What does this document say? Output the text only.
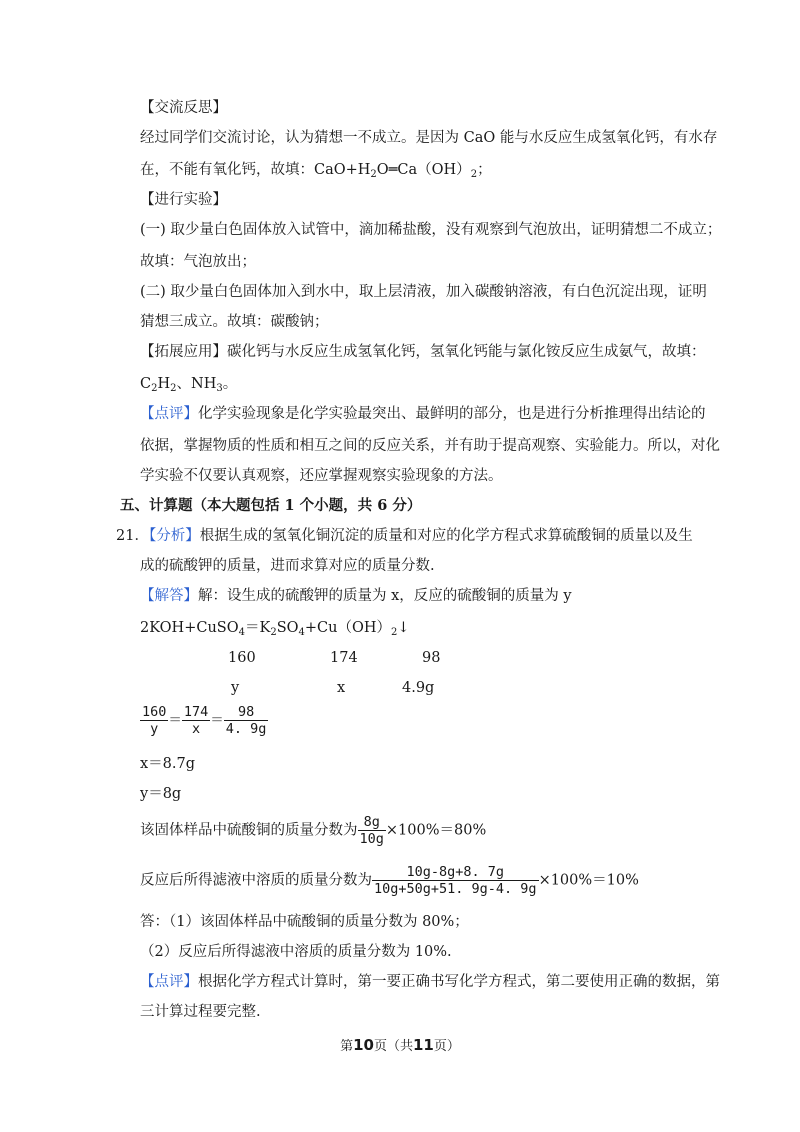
【交流反思】
经过同学们交流讨论，认为猜想一不成立。是因为 CaO 能与水反应生成氢氧化钙，有水存
在，不能有氧化钙，故填：$CaO+H_2O═Ca(OH)_2$；
【进行实验】
(一) 取少量白色固体放入试管中，滴加稀盐酸，没有观察到气泡放出，证明猜想二不成立；
故填：气泡放出；
(二) 取少量白色固体加入到水中，取上层清液，加入碳酸钠溶液，有白色沉淀出现，证明
猜想三成立。故填：碳酸钠；
【拓展应用】碳化钙与水反应生成氢氧化钙，氢氧化钙能与氯化铵反应生成氨气，故填：
$C_2H_2$、$NH_3$。
【点评】化学实验现象是化学实验最突出、最鲜明的部分，也是进行分析推理得出结论的
依据，掌握物质的性质和相互之间的反应关系，并有助于提高观察、实验能力。所以，对化
学实验不仅要认真观察，还应掌握观察实验现象的方法。
五、计算题（本大题包括 1 个小题，共 6 分）
21．【分析】根据生成的氢氧化铜沉淀的质量和对应的化学方程式求算硫酸铜的质量以及生
成的硫酸钾的质量，进而求算对应的质量分数.
【解答】解：设生成的硫酸钾的质量为 x，反应的硫酸铜的质量为 y
$2KOH+CuSO_4=K_2SO_4+Cu(OH)_2↓$
160	174	98
y	x	4.9g
$\frac{160}{y} = \frac{174}{x} = \frac{98}{4. 9g}$
x＝8.7g
y＝8g
该固体样品中硫酸铜的质量分数为 $\frac{8g}{10g} \times 100\%=80\%$
反应后所得滤液中溶质的质量分数为 $\frac{10g-8g+8. 7g}{10g+50g+51. 9g-4. 9g} \times 100\%=10\%$
答：（1）该固体样品中硫酸铜的质量分数为 80%；
（2）反应后所得滤液中溶质的质量分数为 10%.
【点评】根据化学方程式计算时，第一要正确书写化学方程式，第二要使用正确的数据，第
三计算过程要完整.
第10页（共11页）
